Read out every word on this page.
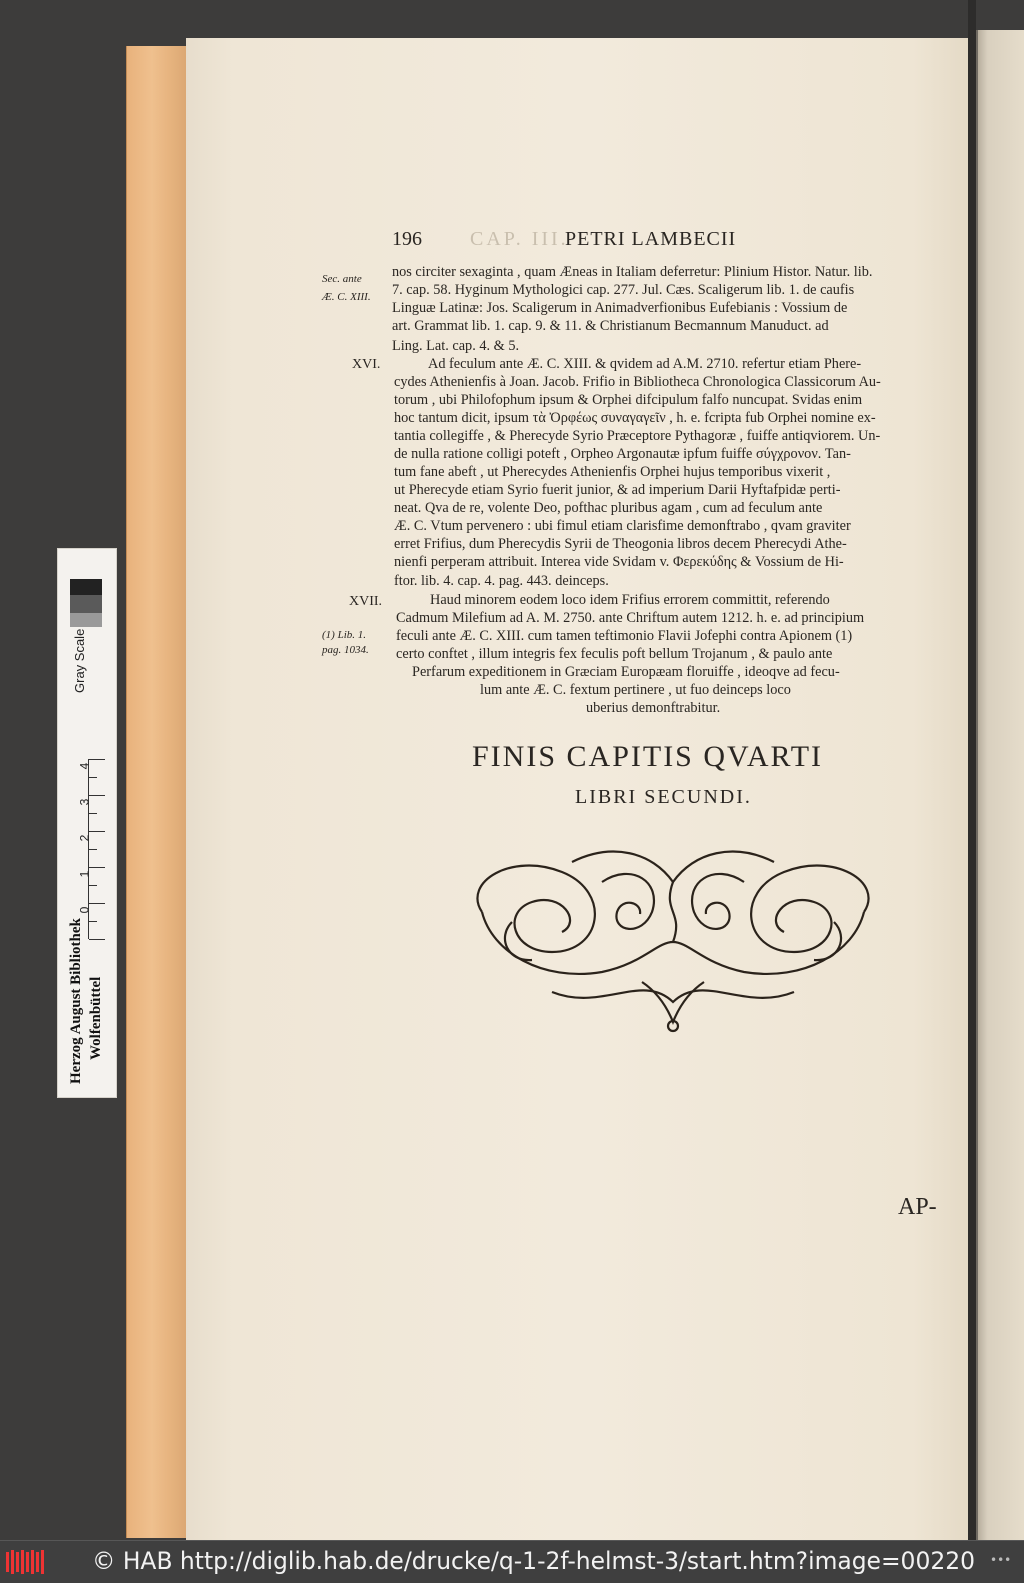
Gray Scale
4
3
2
1
0
Herzog August Bibliothek Wolfenbüttel
CAP. III.
196	PETRI LAMBECII
Sec. ante
Æ. C. XIII.
XVI.
XVII.
(1) Lib. 1.
pag. 1034.
nos circiter sexaginta , quam Æneas in Italiam deferretur: Plinium Histor. Natur. lib.
7. cap. 58. Hyginum Mythologici cap. 277. Jul. Cæs. Scaligerum lib. 1. de caufis
Linguæ Latinæ: Jos. Scaligerum in Animadverfionibus Eufebianis : Vossium de
art. Grammat lib. 1. cap. 9. & 11. & Christianum Becmannum Manuduct. ad
Ling. Lat. cap. 4. & 5.
Ad feculum ante Æ. C. XIII. & qvidem ad A.M. 2710. refertur etiam Phere-
cydes Athenienfis à Joan. Jacob. Frifio in Bibliotheca Chronologica Classicorum Au-
torum , ubi Philofophum ipsum & Orphei difcipulum falfo nuncupat. Svidas enim
hoc tantum dicit, ipsum τὰ Ὀρφέως συναγαγεῖν , h. e. fcripta fub Orphei nomine ex-
tantia collegiffe , & Pherecyde Syrio Præceptore Pythagoræ , fuiffe antiqviorem. Un-
de nulla ratione colligi poteft , Orpheo Argonautæ ipfum fuiffe σύγχρονον. Tan-
tum fane abeft , ut Pherecydes Athenienfis Orphei hujus temporibus vixerit ,
ut Pherecyde etiam Syrio fuerit junior, & ad imperium Darii Hyftafpidæ perti-
neat. Qva de re, volente Deo, pofthac pluribus agam , cum ad feculum ante
Æ. C. Vtum pervenero : ubi fimul etiam clarisfime demonftrabo , qvam graviter
erret Frifius, dum Pherecydis Syrii de Theogonia libros decem Pherecydi Athe-
nienfi perperam attribuit. Interea vide Svidam v. Φερεκύδης & Vossium de Hi-
ftor. lib. 4. cap. 4. pag. 443. deinceps.
Haud minorem eodem loco idem Frifius errorem committit, referendo
Cadmum Milefium ad A. M. 2750. ante Chriftum autem 1212. h. e. ad principium
feculi ante Æ. C. XIII. cum tamen teftimonio Flavii Jofephi contra Apionem (1)
certo conftet , illum integris fex feculis poft bellum Trojanum , & paulo ante
Perfarum expeditionem in Græciam Europæam floruiffe , ideoqve ad fecu-
lum ante Æ. C. fextum pertinere , ut fuo deinceps loco
uberius demonftrabitur.
FINIS CAPITIS QVARTI
LIBRI SECUNDI.
AP-
© HAB http://diglib.hab.de/drucke/q-1-2f-helmst-3/start.htm?image=00220 •••
